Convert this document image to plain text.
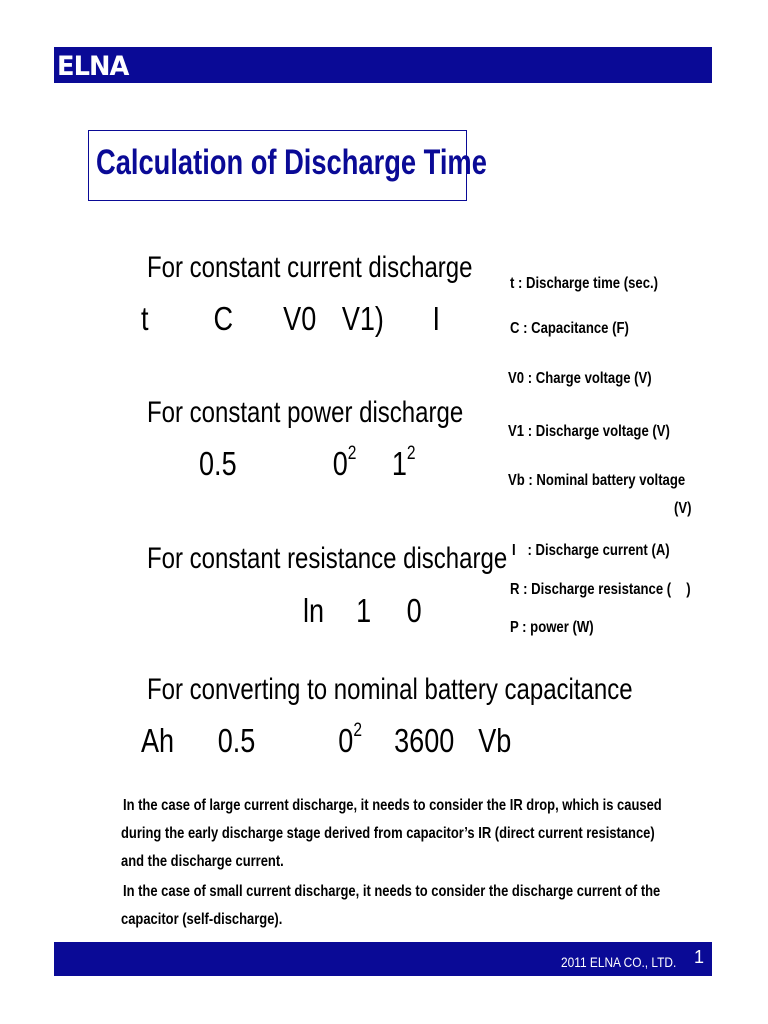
ELNA
Calculation of Discharge Time
For constant current discharge
t C V0 V1) I
For constant power discharge
0.5	$0^2$ $1^2$
For constant resistance discharge
ln 1 0
For converting to nominal battery capacitance
Ah 0.5	$0^2$ 3600 Vb
t : Discharge time (sec.)
C : Capacitance (F)
V0 : Charge voltage (V)
V1 : Discharge voltage (V)
Vb : Nominal battery voltage
(V)
I : Discharge current (A)
R : Discharge resistance ( )
P : power (W)
In the case of large current discharge, it needs to consider the IR drop, which is caused
during the early discharge stage derived from capacitor’s IR (direct current resistance)
and the discharge current.
In the case of small current discharge, it needs to consider the discharge current of the
capacitor (self-discharge).
2011 ELNA CO., LTD. 1
